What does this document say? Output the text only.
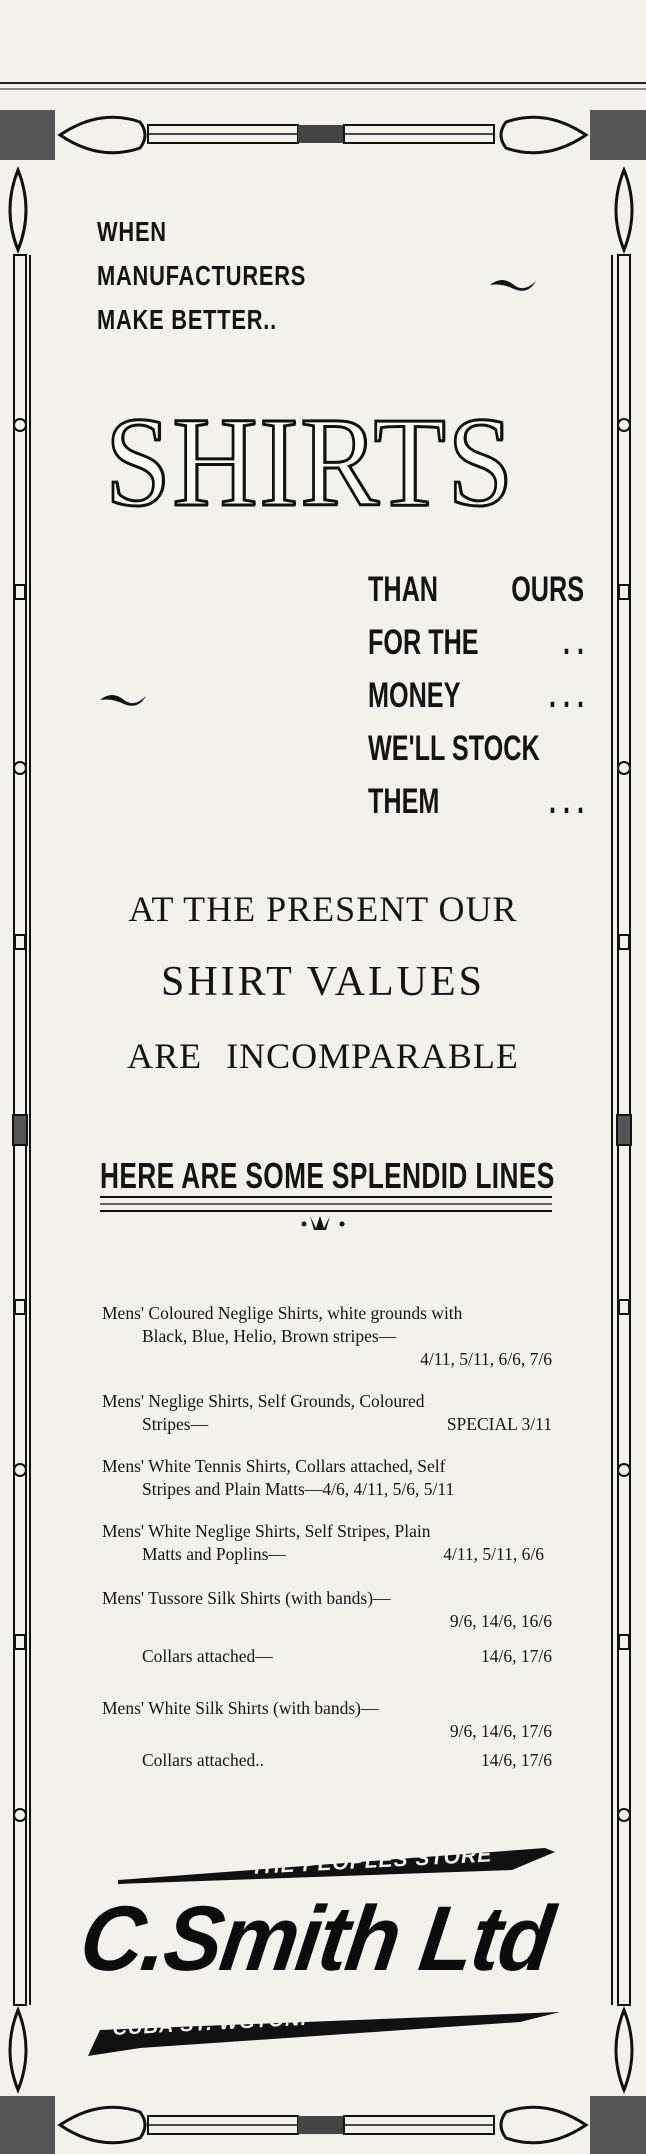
WHEN
MANUFACTURERS
MAKE BETTER..
SHIRTS
THAN OURS
FOR THE . .
MONEY	. . .
WE'LL STOCK
THEM	. . .
AT THE PRESENT OUR
SHIRT VALUES
ARE INCOMPARABLE
HERE ARE SOME SPLENDID LINES
Mens' Coloured Neglige Shirts, white grounds with
Black, Blue, Helio, Brown stripes—
4/11, 5/11, 6/6, 7/6
Mens' Neglige Shirts, Self Grounds, Coloured
Stripes—	SPECIAL 3/11
Mens' White Tennis Shirts, Collars attached, Self
Stripes and Plain Matts—4/6, 4/11, 5/6, 5/11
Mens' White Neglige Shirts, Self Stripes, Plain
Matts and Poplins—	4/11, 5/11, 6/6
Mens' Tussore Silk Shirts (with bands)—
9/6, 14/6, 16/6
Collars attached—	14/6, 17/6
Mens' White Silk Shirts (with bands)—
9/6, 14/6, 17/6
Collars attached..	14/6, 17/6
THE PEOPLES STORE
C.Smith Ltd
CUBA ST. WGTON.
